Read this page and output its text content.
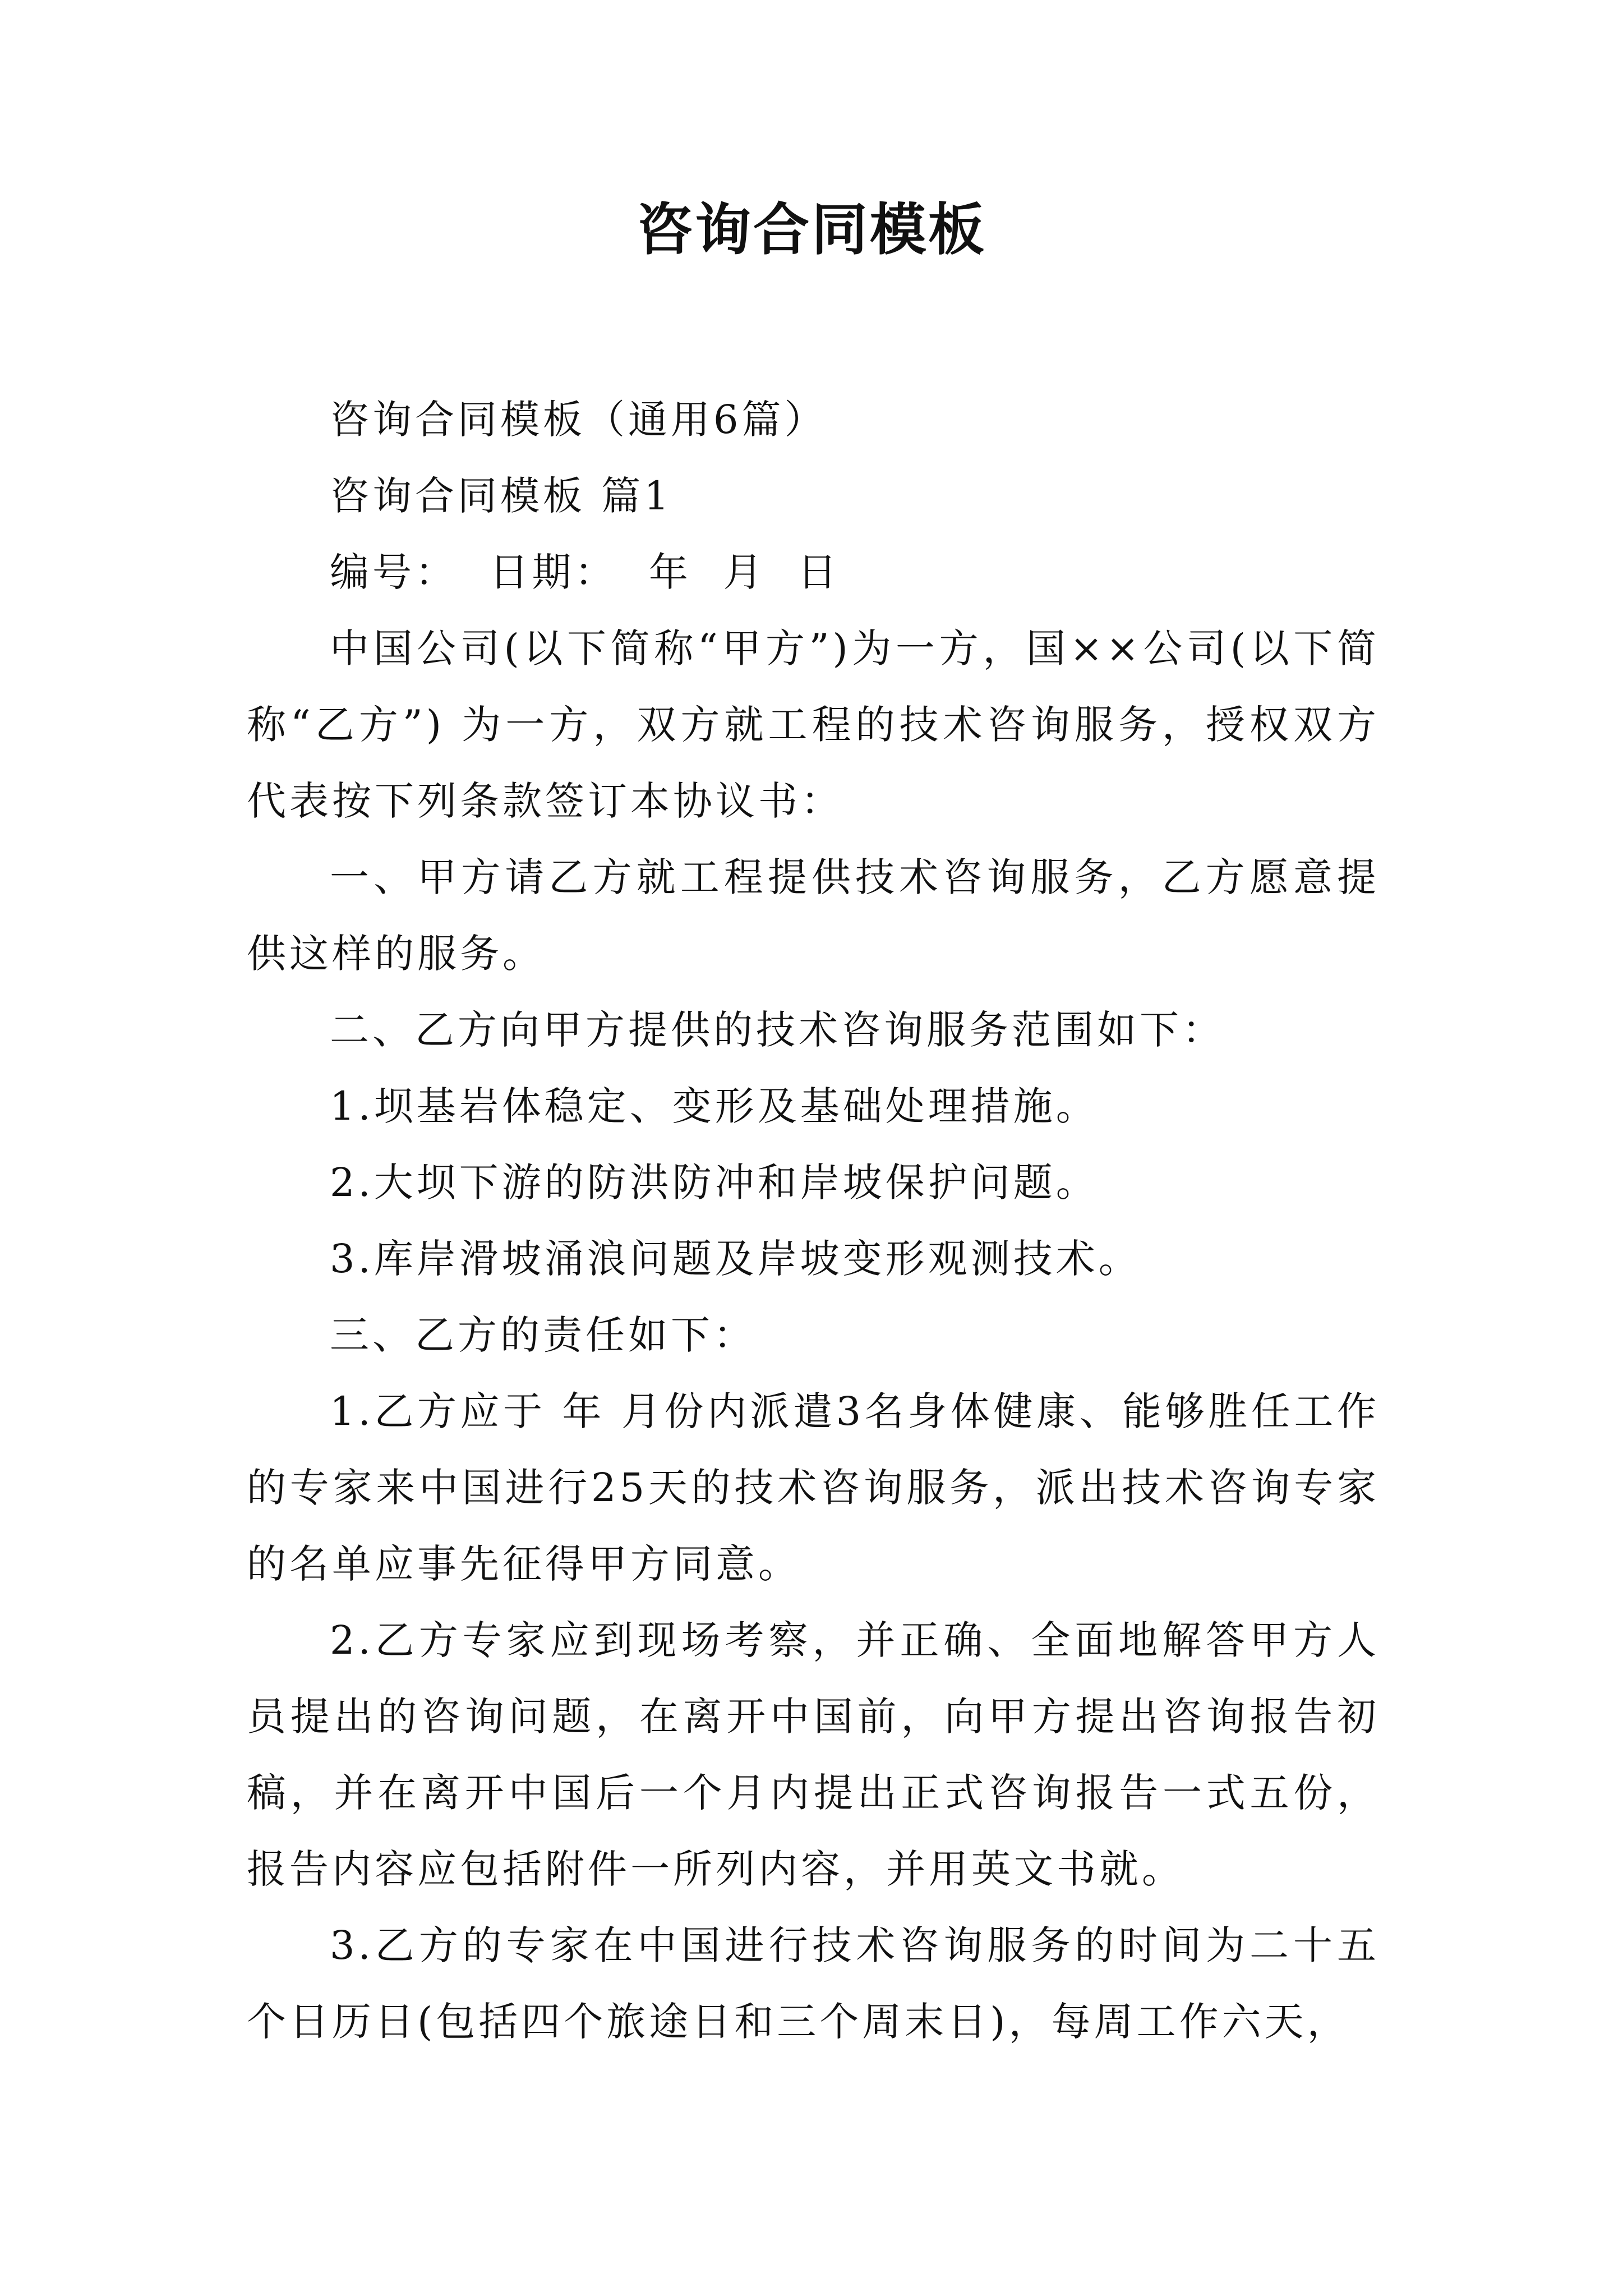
咨询合同模板

咨询合同模板（通用6篇）

咨询合同模板 篇1

编号：  日期：  年  月  日

中国公司(以下简称“甲方”)为一方，国××公司(以下简称“乙方”) 为一方，双方就工程的技术咨询服务，授权双方代表按下列条款签订本协议书：

一、甲方请乙方就工程提供技术咨询服务，乙方愿意提供这样的服务。

二、乙方向甲方提供的技术咨询服务范围如下：

1.坝基岩体稳定、变形及基础处理措施。

2.大坝下游的防洪防冲和岸坡保护问题。

3.库岸滑坡涌浪问题及岸坡变形观测技术。

三、乙方的责任如下：

1.乙方应于 年 月份内派遣3名身体健康、能够胜任工作的专家来中国进行25天的技术咨询服务，派出技术咨询专家的名单应事先征得甲方同意。

2.乙方专家应到现场考察，并正确、全面地解答甲方人员提出的咨询问题，在离开中国前，向甲方提出咨询报告初稿，并在离开中国后一个月内提出正式咨询报告一式五份，报告内容应包括附件一所列内容，并用英文书就。

3.乙方的专家在中国进行技术咨询服务的时间为二十五个日历日(包括四个旅途日和三个周末日)，每周工作六天，
